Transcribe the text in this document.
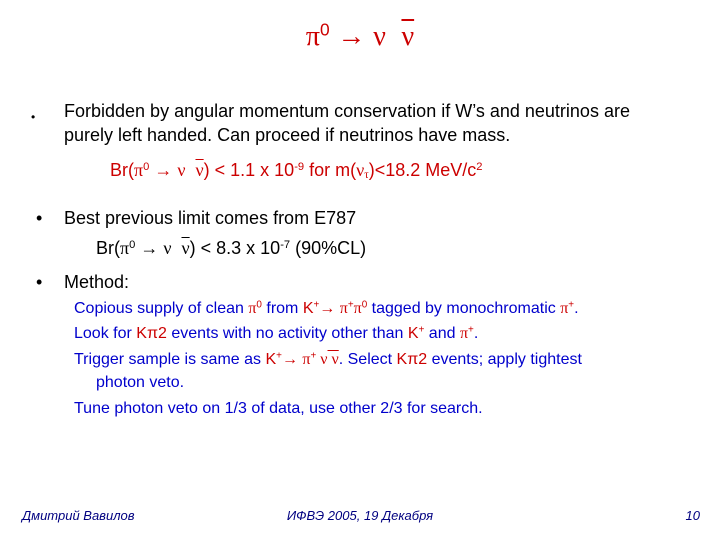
$\pi^0 \to \nu$ $\overline{\nu}$
• Forbidden by angular momentum conservation if W’s and neutrinos are
purely left handed. Can proceed if neutrinos have mass.
$Br(\pi^0 \to \nu$ $\overline{\nu}) < 1.1$ x $10^{-9}$ for $m(\nu_\tau)<18.2$ MeV/$c^2$
• Best previous limit comes from E787
$Br(\pi^0 \to \nu$ $\overline{\nu}) < 8.3$ x $10^{-7}$ (90%CL)
• Method:
Copious supply of clean $\pi^0$ from $K^+\to \pi^+\pi^0$ tagged by monochromatic π+.
Look for Kπ2 events with no activity other than K+ and π+.
Trigger sample is same as K+→ π+ ν ν. Select Kπ2 events; apply tightest
photon veto.
Tune photon veto on 1/3 of data, use other 2/3 for search.
Дмитрий Вавилов	ИФВЭ 2005, 19 Декабря	10
